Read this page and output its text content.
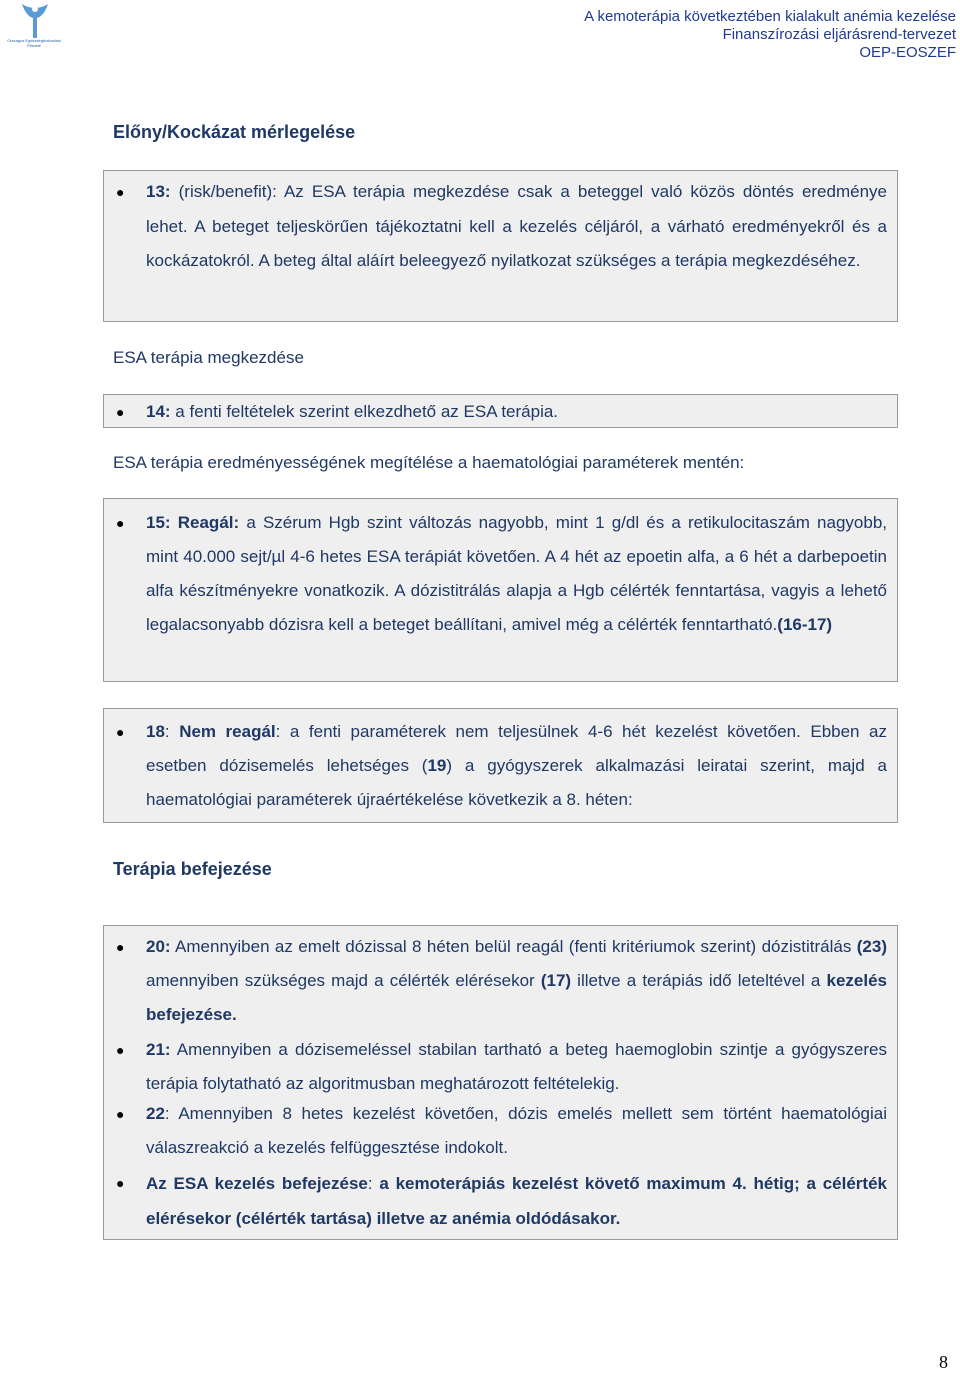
Országos Egészségbiztosítási Pénztár
A kemoterápia következtében kialakult anémia kezelése
Finanszírozási eljárásrend-tervezet
OEP-EOSZEF
Előny/Kockázat mérlegelése
● 13: (risk/benefit): Az ESA terápia megkezdése csak a beteggel való közös döntés eredménye lehet. A beteget teljeskörűen tájékoztatni kell a kezelés céljáról, a várható eredményekről és a kockázatokról. A beteg által aláírt beleegyező nyilatkozat szükséges a terápia megkezdéséhez.

ESA terápia megkezdése
● 14: a fenti feltételek szerint elkezdhető az ESA terápia.

ESA terápia eredményességének megítélése a haematológiai paraméterek mentén:
● 15: Reagál: a Szérum Hgb szint változás nagyobb, mint 1 g/dl és a retikulocitaszám nagyobb, mint 40.000 sejt/µl 4-6 hetes ESA terápiát követően. A 4 hét az epoetin alfa, a 6 hét a darbepoetin alfa készítményekre vonatkozik. A dózistitrálás alapja a Hgb célérték fenntartása, vagyis a lehető legalacsonyabb dózisra kell a beteget beállítani, amivel még a célérték fenntartható.(16-17)

● 18: Nem reagál: a fenti paraméterek nem teljesülnek 4-6 hét kezelést követően. Ebben az esetben dózisemelés lehetséges (19) a gyógyszerek alkalmazási leiratai szerint, majd a haematológiai paraméterek újraértékelése következik a 8. héten:

Terápia befejezése
● 20: Amennyiben az emelt dózissal 8 héten belül reagál (fenti kritériumok szerint) dózistitrálás (23) amennyiben szükséges majd a célérték elérésekor (17) illetve a terápiás idő leteltével a kezelés befejezése.

● 21: Amennyiben a dózisemeléssel stabilan tartható a beteg haemoglobin szintje a gyógyszeres terápia folytatható az algoritmusban meghatározott feltételekig.

● 22: Amennyiben 8 hetes kezelést követően, dózis emelés mellett sem történt haematológiai válaszreakció a kezelés felfüggesztése indokolt.

● Az ESA kezelés befejezése: a kemoterápiás kezelést követő maximum 4. hétig; a célérték elérésekor (célérték tartása) illetve az anémia oldódásakor.

8
